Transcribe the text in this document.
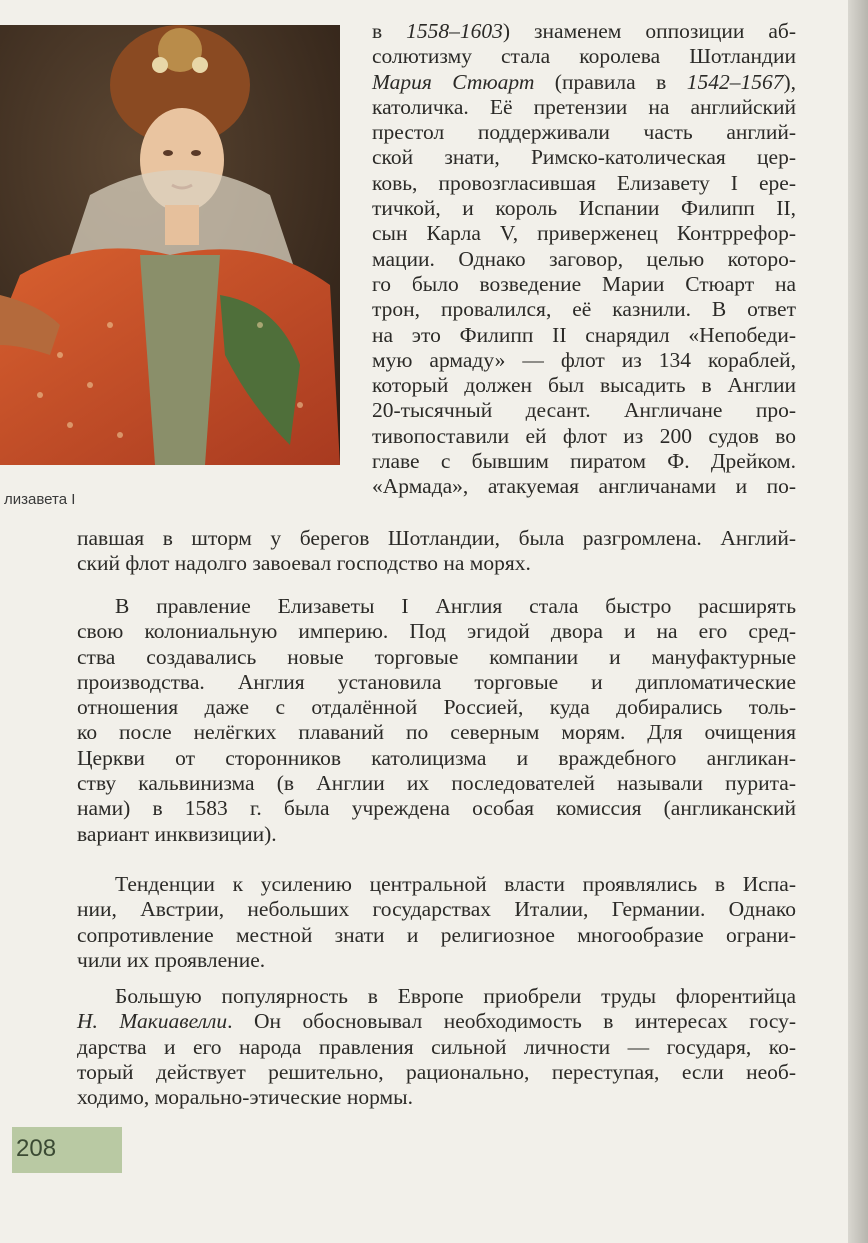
лизавета I
в 1558–1603) знаменем оппозиции аб-
солютизму стала королева Шотландии
Мария Стюарт (правила в 1542–1567),
католичка. Её претензии на английский
престол поддерживали часть англий-
ской знати, Римско-католическая цер-
ковь, провозгласившая Елизавету I ере-
тичкой, и король Испании Филипп II,
сын Карла V, приверженец Контррефор-
мации. Однако заговор, целью которо-
го было возведение Марии Стюарт на
трон, провалился, её казнили. В ответ
на это Филипп II снарядил «Непобеди-
мую армаду» — флот из 134 кораблей,
который должен был высадить в Англии
20-тысячный десант. Англичане про-
тивопоставили ей флот из 200 судов во
главе с бывшим пиратом Ф. Дрейком.
«Армада», атакуемая англичанами и по-
павшая в шторм у берегов Шотландии, была разгромлена. Англий-
ский флот надолго завоевал господство на морях.
В правление Елизаветы I Англия стала быстро расширять
свою колониальную империю. Под эгидой двора и на его сред-
ства создавались новые торговые компании и мануфактурные
производства. Англия установила торговые и дипломатические
отношения даже с отдалённой Россией, куда добирались толь-
ко после нелёгких плаваний по северным морям. Для очищения
Церкви от сторонников католицизма и враждебного англикан-
ству кальвинизма (в Англии их последователей называли пурита-
нами) в 1583 г. была учреждена особая комиссия (англиканский
вариант инквизиции).
Тенденции к усилению центральной власти проявлялись в Испа-
нии, Австрии, небольших государствах Италии, Германии. Однако
сопротивление местной знати и религиозное многообразие ограни-
чили их проявление.
Большую популярность в Европе приобрели труды флорентийца
Н. Макиавелли. Он обосновывал необходимость в интересах госу-
дарства и его народа правления сильной личности — государя, ко-
торый действует решительно, рационально, переступая, если необ-
ходимо, морально-этические нормы.
208
